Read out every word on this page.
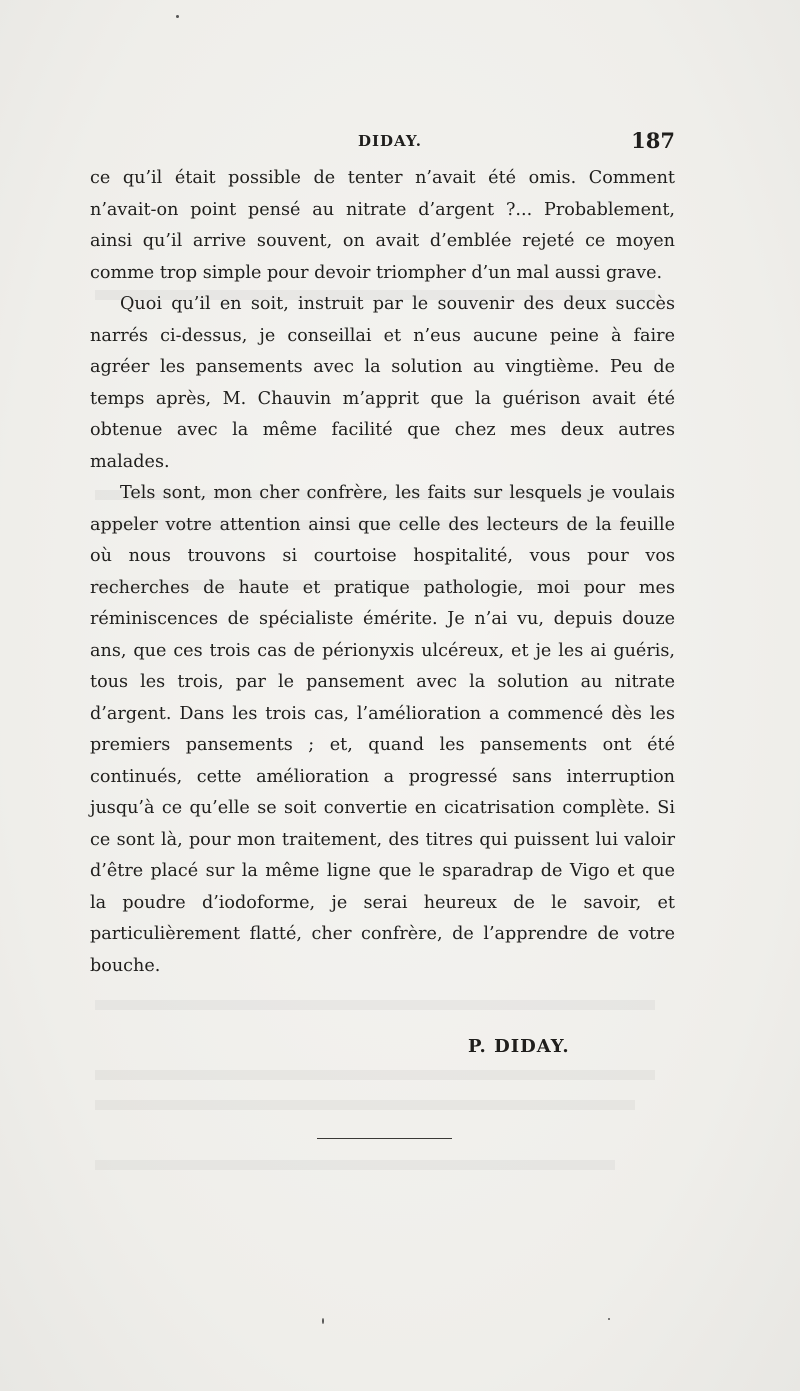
DIDAY.	187

ce qu’il était possible de tenter n’avait été omis. Comment n’avait-on point pensé au nitrate d’argent ?... Probablement, ainsi qu’il arrive souvent, on avait d’emblée rejeté ce moyen comme trop simple pour devoir triompher d’un mal aussi grave.

Quoi qu’il en soit, instruit par le souvenir des deux succès narrés ci-dessus, je conseillai et n’eus aucune peine à faire agréer les pansements avec la solution au vingtième. Peu de temps après, M. Chauvin m’apprit que la guérison avait été obtenue avec la même facilité que chez mes deux autres malades.

Tels sont, mon cher confrère, les faits sur lesquels je voulais appeler votre attention ainsi que celle des lecteurs de la feuille où nous trouvons si courtoise hospitalité, vous pour vos recherches de haute et pratique pathologie, moi pour mes réminiscences de spécialiste émérite. Je n’ai vu, depuis douze ans, que ces trois cas de périonyxis ulcéreux, et je les ai guéris, tous les trois, par le pansement avec la solution au nitrate d’argent. Dans les trois cas, l’amélioration a commencé dès les premiers pansements ; et, quand les pansements ont été continués, cette amélioration a progressé sans interruption jusqu’à ce qu’elle se soit convertie en cicatrisation complète. Si ce sont là, pour mon traitement, des titres qui puissent lui valoir d’être placé sur la même ligne que le sparadrap de Vigo et que la poudre d’iodoforme, je serai heureux de le savoir, et particulièrement flatté, cher confrère, de l’apprendre de votre bouche.

P. DIDAY.
